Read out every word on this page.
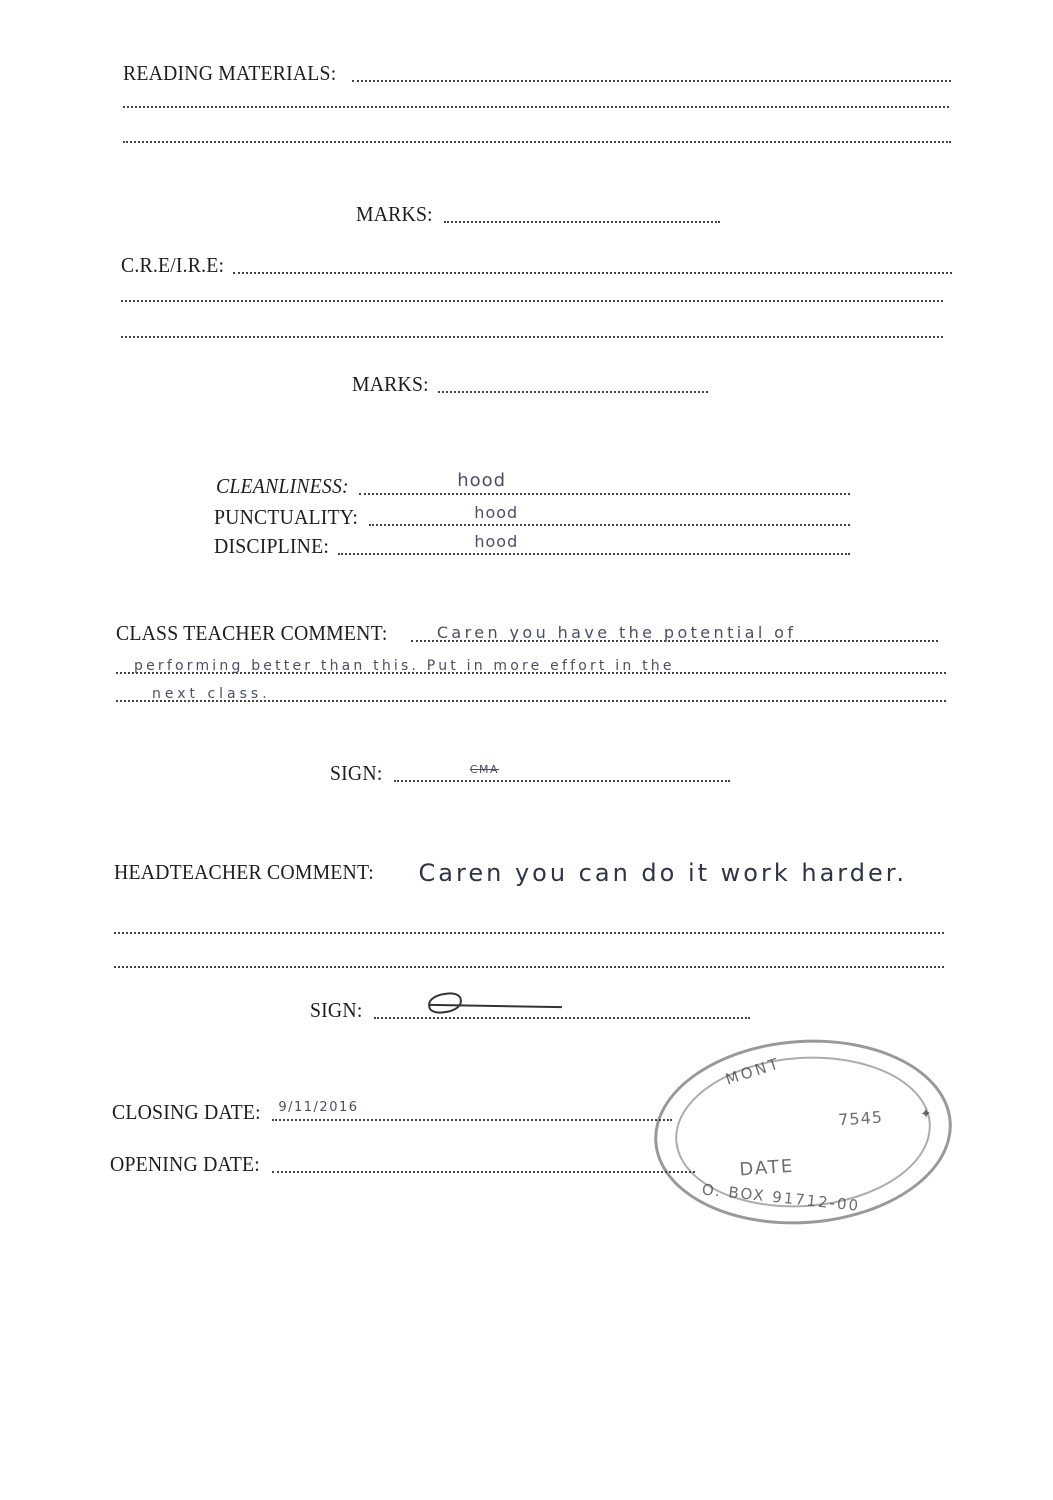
READING MATERIALS:
MARKS:
C.R.E/I.R.E:
MARKS:
CLEANLINESS:	hood
PUNCTUALITY:	hood
DISCIPLINE:	hood
CLASS TEACHER COMMENT:	Caren you have the potential of
performing better than this. Put in more effort in the
next class.
SIGN:	CMA
HEADTEACHER COMMENT: Caren you can do it work harder.
SIGN:
CLOSING DATE: 9/11/2016
OPENING DATE:
MONT
7545	✦
DATE
O. BOX 91712-00
